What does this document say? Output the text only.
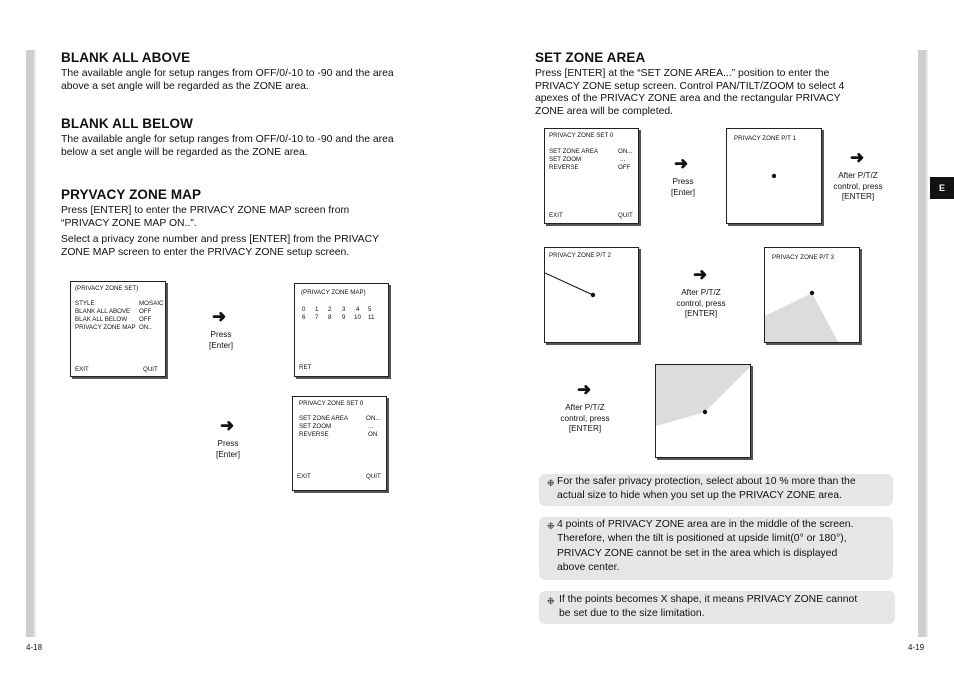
BLANK ALL ABOVE

The available angle for setup ranges from OFF/0/-10 to -90 and the area
above a set angle will be regarded as the ZONE area.

BLANK ALL BELOW

The available angle for setup ranges from OFF/0/-10 to -90 and the area
below a set angle will be regarded as the ZONE area.

PRYVACY ZONE MAP

Press [ENTER] to enter the PRIVACY ZONE MAP screen from
“PRIVACY ZONE MAP ON..”.

Select a privacy zone number and press [ENTER] from the PRIVACY
ZONE MAP screen to enter the PRIVACY ZONE setup screen.

(PRIVACY ZONE SET)
STYLE	MOSAIC
BLANK ALL ABOVE OFF
BLAK ALL BELOW OFF
PRIVACY ZONE MAP ON..
EXIT	QUIT
➜
Press
[Enter]
(PRIVACY ZONE MAP)
0 1 2 3 4 5
6 7 8 9 10 11
RET
➜
Press
[Enter]
PRIVACY ZONE SET 0
SET ZONE AREA	ON...
SET ZOOM	...
REVERSE	ON
EXIT	QUIT
4-18
SET ZONE AREA

Press [ENTER] at the “SET ZONE AREA...” position to enter the
PRIVACY ZONE setup screen. Control PAN/TILT/ZOOM to select 4
apexes of the PRIVACY ZONE area and the rectangular PRIVACY
ZONE area will be completed.

PRIVACY ZONE SET 0
SET ZONE AREA	ON...
SET ZOOM	...
REVERSE	OFF
EXIT	QUIT
➜
Press
[Enter]
PRIVACY ZONE P/T 1
➜
After P/T/Z
control, press
[ENTER]
PRIVACY ZONE P/T 2
➜
After P/T/Z
control, press
[ENTER]
PRIVACY ZONE P/T 3
➜
After P/T/Z
control, press
[ENTER]
❉ For the safer privacy protection, select about 10 % more than the
actual size to hide when you set up the PRIVACY ZONE area.
❉ 4 points of PRIVACY ZONE area are in the middle of the screen.
Therefore, when the tilt is positioned at upside limit(0° or 180°),
PRIVACY ZONE cannot be set in the area which is displayed
above center.
❉ If the points becomes X shape, it means PRIVACY ZONE cannot
be set due to the size limitation.
E
4-19
